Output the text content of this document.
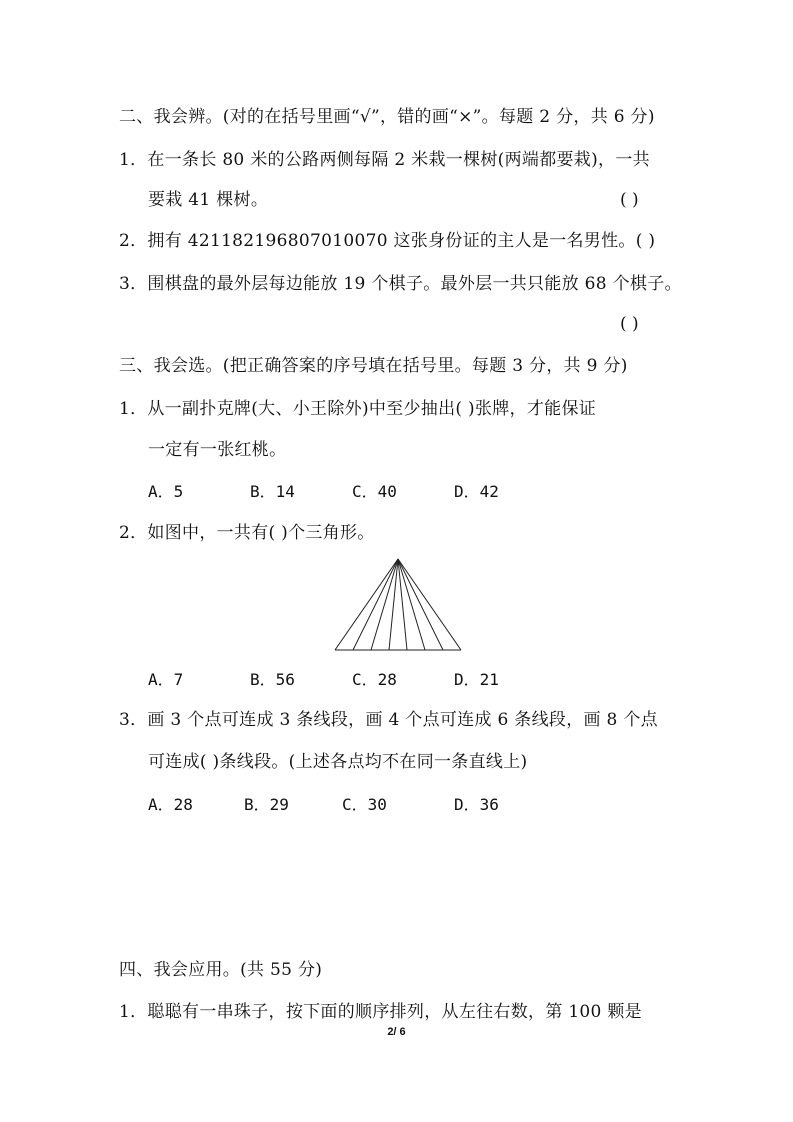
二、我会辨。(对的在括号里画“√”，错的画“×”。每题 2 分，共 6 分)
1．在一条长 80 米的公路两侧每隔 2 米栽一棵树(两端都要栽)，一共
要栽 41 棵树。	( )
2．拥有 421182196807010070 这张身份证的主人是一名男性。( )
3．围棋盘的最外层每边能放 19 个棋子。最外层一共只能放 68 个棋子。
( )
三、我会选。(把正确答案的序号填在括号里。每题 3 分，共 9 分)
1．从一副扑克牌(大、小王除外)中至少抽出( )张牌，才能保证
一定有一张红桃。
A．5	B．14	C．40	D．42
2．如图中，一共有( )个三角形。
A．7	B．56	C．28	D．21
3．画 3 个点可连成 3 条线段，画 4 个点可连成 6 条线段，画 8 个点
可连成( )条线段。(上述各点均不在同一条直线上)
A．28	B．29	C．30	D．36
四、我会应用。(共 55 分)
1．聪聪有一串珠子，按下面的顺序排列，从左往右数，第 100 颗是
2/ 6
